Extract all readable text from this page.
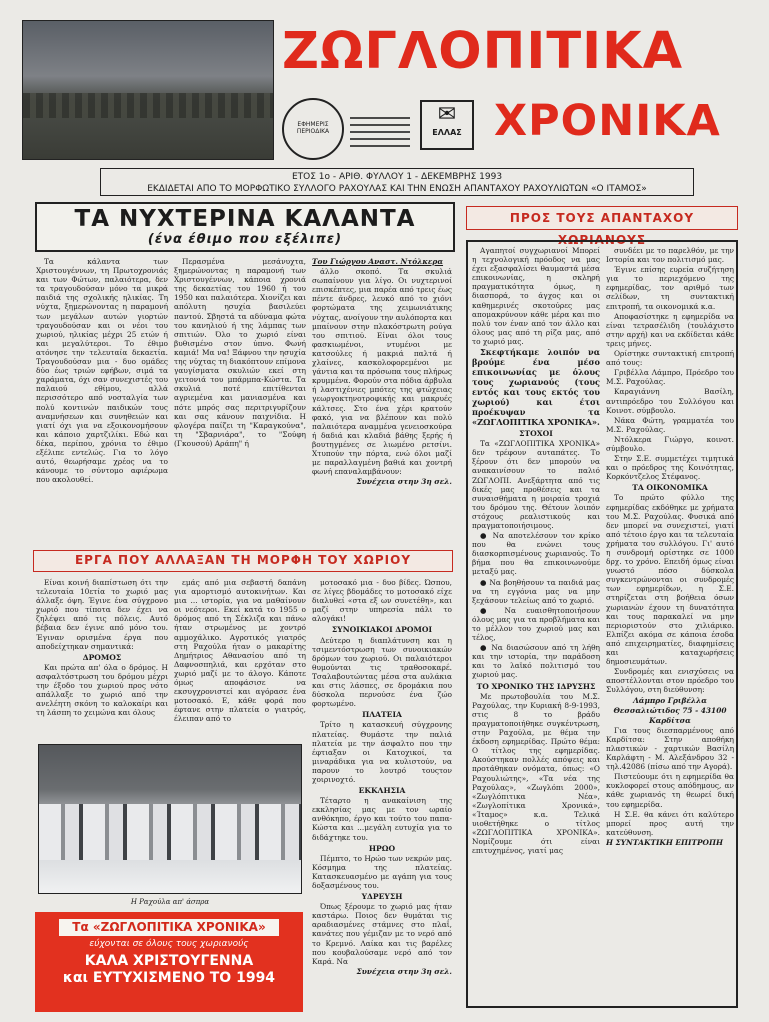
ΖΩΓΛΟΠΙΤΙΚΑ
ΧΡΟΝΙΚΑ
ΕΦΗΜΕΡΙΣ
ΠΕΡΙΟΔΙΚΑ
✉
ΕΛΛΑΣ
ΕΤΟΣ 1ο - ΑΡΙΘ. ΦΥΛΛΟΥ 1 - ΔΕΚΕΜΒΡΗΣ 1993
ΕΚΔΙΔΕΤΑΙ ΑΠΟ ΤΟ ΜΟΡΦΩΤΙΚΟ ΣΥΛΛΟΓΟ ΡΑΧΟΥΛΑΣ ΚΑΙ ΤΗΝ ΕΝΩΣΗ ΑΠΑΝΤΑΧΟΥ ΡΑΧΟΥΛΙΩΤΩΝ «Ο ΙΤΑΜΟΣ»
ΤΑ ΝΥΧΤΕΡΙΝΑ ΚΑΛΑΝΤΑ
(ένα έθιμο που εξέλιπε)

Τα κάλαντα των Χριστουγέννων, τη Πρωτοχρονιάς και των Φώτων, παλαιότερα, δεν τα τραγουδούσαν μόνο τα μικρά παιδιά της σχολικής ηλικίας. Τη νύχτα, ξημερώνοντας η παραμονή των μεγάλων αυτών γιορτών τραγουδούσαν και οι νέοι του χωριού, ηλικίας μέχρι 25 ετών ή και μεγαλύτεροι. Το έθιμο ατόνησε την τελευταία δεκαετία. Τραγουδούσαν μια - δυο ομάδες δύο έως τριών εφήβων, σιμά τα χαράματα, όχι σαν συνεχιστές του παλαιού εθίμου, αλλά περισσότερο από νοσταλγία των πολύ κοντινών παιδικών τους αναμνήσεων και συνηθειών και γιατί όχι για να εξοικονομήσουν και κάποιο χαρτζιλίκι. Εδώ και δέκα, περίπου, χρόνια το έθιμο εξέλιπε εντελώς. Για το λόγο αυτό, θεωρήσαμε χρέος να το κάνουμε το σύντομο αφιέρωμα που ακολουθεί.

Περασμένα μεσάνυχτα, ξημερώνοντας η παραμονή των Χριστουγέννων, κάποια χρονιά της δεκαετίας του 1960 ή του 1950 και παλαιότερα. Χιονίζει και απόλυτη ησυχία βασιλεύει παντού. Σβηστά τα αδύναμα φώτα του κανηλιού ή της λάμπας των σπιτιών. Όλο το χωριό είναι βυθισμένο στον ύπνο. Φωνή καμιά! Μα να! Ξάφνου την ησυχία της νύχτας τη διακόπτουν επίμονα γαυγίσματα σκυλιών εκεί στη γειτονιά του μπάρμπα-Κώστα. Τα σκυλιά ποτέ επιτίθενται αγριεμένα και μανιασμένα και πότε μπρός σας περιτριγυρίζουν και σας κάνουν παιχνίδια. Η φλογέρα παίζει τη "Καραγκούνα", τη "Σβαρνιάρα", το "Σούφη (Γκουσού) Αράπη" ή

Του Γιώργου Αναστ. Ντόλκερα

άλλο σκοπό. Τα σκυλιά σωπαίνουν για λίγο. Οι νυχτερινοί επισκέπτες, μια παρέα από τρεις έως πέντε άνδρες, λευκό από το χιόνι φορτώματα της χειμωνιάτικης νύχτας, ανοίγουν την αυλόπορτα και μπαίνουν στην πλακόστρωτη ρούγα του σπιτιού. Είναι όλοι τους φασκιωμένοι, ντυμένοι με κατσούλες ή μακριά παλτά ή χλαίνες, κασκολοφορεμένοι με γάντια και τα πρόσωπα τους πλήρως κρυμμένα. Φορούν στα πόδια άρβυλα ή λαστιχένιες μπότες της φτώχειας γεωργοκτηνοτροφικής και μακρυές κάλτσες. Στο ένα χέρι κρατούν φακό, για να βλέπουν και πολύ παλαιότερα αναμμένα γενειοσκούρα ή δαδιά και κλαδιά βάθης ξερής ή βουτηγμένες σε λιωμένο ρετσίνι. Χτυπούν την πόρτα, ενώ όλοι μαζί με παραλλαγμένη βαθιά και χοντρή φωνή επαναλαμβάνουν:

Συνέχεια στην 3η σελ.

ΕΡΓΑ ΠΟΥ ΑΛΛΑΞΑΝ ΤΗ ΜΟΡΦΗ ΤΟΥ ΧΩΡΙΟΥ

Είναι κοινή διαπίστωση ότι την τελευταία 10ετία το χωριό μας άλλαξε όψη. Έγινε ένα σύγχρονο χωριό που τίποτα δεν έχει να ζηλέψει από τις πόλεις. Αυτό βέβαια δεν έγινε από μόνο του. Έγιναν ορισμένα έργα που αποδείχτηκαν σημαντικά:

ΔΡΟΜΟΣ

Και πρώτα απ' όλα ο δρόμος. Η ασφαλτόστρωση του δρόμου μέχρι την έξοδο του χωριού προς νότο απάλλαξε το χωριό από την ανελέητη σκόνη το καλοκαίρι και τη λάσπη το χειμώνα και όλους

εμάς από μια σεβαστή δαπάνη για αμορτισμό αυτοκινήτων. Και μια ... ιστορία, για να μαθαίνουν οι νεότεροι. Εκεί κατά το 1955 ο δρόμος από τη Σέκλιζα και πάνω ήταν στρωμένος με χοντρό αμμοχάλικο. Αγροτικός γιατρός στη Ραχούλα ήταν ο μακαρίτης Δημήτριος Αθανασίου από τη Δαφνοσπηλιά, και ερχόταν στο χωριό μαζί με το άλογο. Κάποτε όμως αποφάσισε να εκσυγχρονιστεί και αγόρασε ένα μοτοσακό. Ε, κάθε φορά που έφτανε στην πλατεία ο γιατρός, έλειπαν από το

μοτοσακό μια - δυο βίδες. Ώσπου, σε λίγες βδομάδες το μοτοσακό είχε διαλυθεί «στα εξ ων συνετέθη», και μαζί στην υπηρεσία πάλι το αλογάκι!

ΣΥΝΟΙΚΙΑΚΟΙ ΔΡΟΜΟΙ

Δεύτερο η διαπλάτυνση και η τσιμεντόστρωση των συνοικιακών δρόμων του χωριού. Οι παλαιότεροι θυμούνται τις τραθοσοκαρέ. Τσαλαβουτώντας μέσα στα αυλάκια και στις λάσπες, σε δρομάκια που δύσκολα περνούσε ένα ζώο φορτωμένο.

ΠΛΑΤΕΙΑ

Τρίτο η κατασκευή σύγχρονης πλατείας. Θυμάστε την παλιά πλατεία με την άσφαλτο που την έφτιαξαν οι Κατοχικοί, τα μιναράδικα για να κυλιστούν, να παρουν το λουτρό τουςτον χοιρινοχτό.

ΕΚΚΛΗΣΙΑ

Τέταρτο η ανακαίνιση της εκκλησίας μας με τον ωραίο ανθόκηπο, έργο και τούτο του παπα-Κώστα και ...μεγάλη ευτυχία για το διδάχτηκε του.

ΗΡΩΟ

Πέμπτο, το Ηρώο των νεκρών μας. Κόσμημα της πλατείας. Κατασκευασμένο με αγάπη για τους δοξασμένους του.

ΥΔΡΕΥΣΗ

Όπως ξέρουμε το χωριό μας ήταν καστάρω. Ποιος δεν θυμάται τις αραδιασμένες στάμνες στο πλαΐ, κανάτες που γέμιζαν με το νερό από το Κρεμνό. Λαίκα και τις βαρέλες που κουβαλούσαμε νερό από τον Καρά. Να

Συνέχεια στην 3η σελ.

Η Ραχούλα απ' άσπρα
Τα «ΖΩΓΛΟΠΙΤΙΚΑ ΧΡΟΝΙΚΑ»
εύχονται σε όλους τους χωριανούς
ΚΑΛΑ ΧΡΙΣΤΟΥΓΕΝΝΑ
και ΕΥΤΥΧΙΣΜΕΝΟ ΤΟ 1994
ΠΡΟΣ ΤΟΥΣ ΑΠΑΝΤΑΧΟΥ ΧΩΡΙΑΝΟΥΣ

Αγαπητοί συγχωριανοί Μπορεί η τεχνολογική πρόοδος να μας έχει εξασφαλίσει θαυμαστά μέσα επικοινωνίας, η σκληρή πραγματικότητα όμως, η διασπορά, το άγχος και οι καθημερινές σκοτούρες μας απομακρύνουν κάθε μέρα και πιο πολύ τον έναν από τον άλλο και όλους μας από τη ρίζα μας, από το χωριό μας.

Σκεφτήκαμε λοιπόν να βρούμε ένα μέσο επικοινωνίας με όλους τους χωριανούς (τους εντός και τους εκτός του χωριού) και έτσι προέκυψαν τα «ΖΩΓΛΟΠΙΤΙΚΑ ΧΡΟΝΙΚΑ».

ΣΤΟΧΟΙ

Τα «ΖΩΓΛΟΠΙΤΙΚΑ ΧΡΟΝΙΚΑ» δεν τρέφουν αυταπάτες. Το ξέρουν ότι δεν μπορούν να ανακαινίσουν το παλιό ΖΩΓΛΟΠΙ. Ανεξάρτητα από τις δικές μας προθέσεις και τα συναισθήματα η μοιραία τροχιά του δρόμου της. Θέτουν λοιπόν στόχους ρεαλιστικούς και πραγματοποιήσιμους.

● Να αποτελέσουν τον κρίκο που θα ενώνει τους διασκορπισμένους χωριανούς. Το βήμα που θα επικοινωνούμε μεταξύ μας.

● Να βοηθήσουν τα παιδιά μας να τη εγγόνια μας να μην ξεχάσουν τελείως από το χωριό.

● Να ευαισθητοποιήσουν όλους μας για τα προβλήματα και το μέλλον του χωριού μας και τέλος,

● Να διασώσουν από τη λήθη και την ιστορία, την παράδοση και το λαϊκό πολιτισμό του χωριού μας.

ΤΟ ΧΡΟΝΙΚΟ ΤΗΣ ΙΔΡΥΣΗΣ

Με πρωτοβουλία του Μ.Σ. Ραχούλας, την Κυριακή 8-9-1993, στις 8 το βράδυ πραγματοποιήθηκε συγκέντρωση, στην Ραχούλα, με θέμα την έκδοση εφημερίδας. Πρώτο θέμα: Ο τίτλος της εφημερίδας. Ακούστηκαν πολλές απόψεις και προτάθηκαν ονόματα, όπως: «Ο Ραχουλιώτης», «Τα νέα της Ραχούλας», «Ζωγλόπι 2000», «Ζωγλόπιτικα Νέα», «Ζωγλοπίτικα Χρονικά», «Ίταμος» κ.α. Τελικά υιοθετήθηκε ο τίτλος «ΖΩΓΛΟΠΙΤΙΚΑ ΧΡΟΝΙΚΑ». Νομίζουμε ότι είναι επιτυχημένος, γιατί μας

συνδέει με το παρελθόν, με την Ιστορία και τον πολιτισμό μας.

Έγινε επίσης ευρεία συζήτηση για το περιεχόμενο της εφημερίδας, τον αριθμό των σελίδων, τη συντακτική επιτροπή, τα οικονομικά κ.α.

Αποφασίστηκε η εφημερίδα να είναι τετρασέλιδη (τουλάχιστο στην αρχή) και να εκδίδεται κάθε τρεις μήνες.

Ορίστηκε συντακτική επιτροπή από τους:

Γριβέλλα Λάμπρο, Πρόεδρο του Μ.Σ. Ραχούλας.

Καραγιάννη Βασίλη, αντιπρόεδρο του Συλλόγου και Κοινοτ. σύμβουλο.

Νάκα Φώτη, γραμματέα του Μ.Σ. Ραχούλας.

Ντόλκερα Γιώργο, κοινοτ. σύμβουλο.

Στην Σ.Ε. συμμετέχει τιμητικά και ο πρόεδρος της Κοινότητας, Κορκόντζελος Στέφανος.

ΤΑ ΟΙΚΟΝΟΜΙΚΑ

Το πρώτο φύλλο της εφημερίδας εκδόθηκε με χρήματα του Μ.Σ. Ραχούλας. Φυσικά από δεν μπορεί να συνεχιστεί, γιατί από τέτοιο έργο και τα τελευταία χρήματα του συλλόγου. Γι' αυτό η συνδρομή ορίστηκε σε 1000 δρχ. το χρόνο. Επειδή όμως είναι γνωστό πόσο δύσκολα συγκεντρώνονται οι συνδρομές των εφημερίδων, η Σ.Ε. στηρίζεται στη βοήθεια όσων χωριανών έχουν τη δυνατότητα και τους παρακαλεί να μην περιοριστούν στο χιλιάρικο. Ελπίζει ακόμα σε κάποια έσοδα από επιχειρηματίες, διαφημίσεις και καταχωρήσεις δημοσιευμάτων.

Συνδρομές και ενισχύσεις να αποστέλλονται στον πρόεδρο του Συλλόγου, στη διεύθυνση:

Λάμπρο Γριβέλλα

Θεσσαλιώτιδος 75 - 43100

Καρδίτσα

Για τους διεσπαρμένους από Καρδίτσα: Στην αποθήκη πλαστικών - χαρτικών Βασίλη Καρλάφτη - Μ. Αλεξάνδρου 32 - τηλ.42086 (πίσω από την Αγορά).

Πιστεύουμε ότι η εφημερίδα θα κυκλοφορεί στους απόδημους, αν κάθε χωριανός τη θεωρεί δική του εφημερίδα.

Η Σ.Ε. θα κάνει ότι καλύτερο μπορεί προς αυτή την κατεύθυνση.

Η ΣΥΝΤΑΚΤΙΚΗ ΕΠΙΤΡΟΠΗ
